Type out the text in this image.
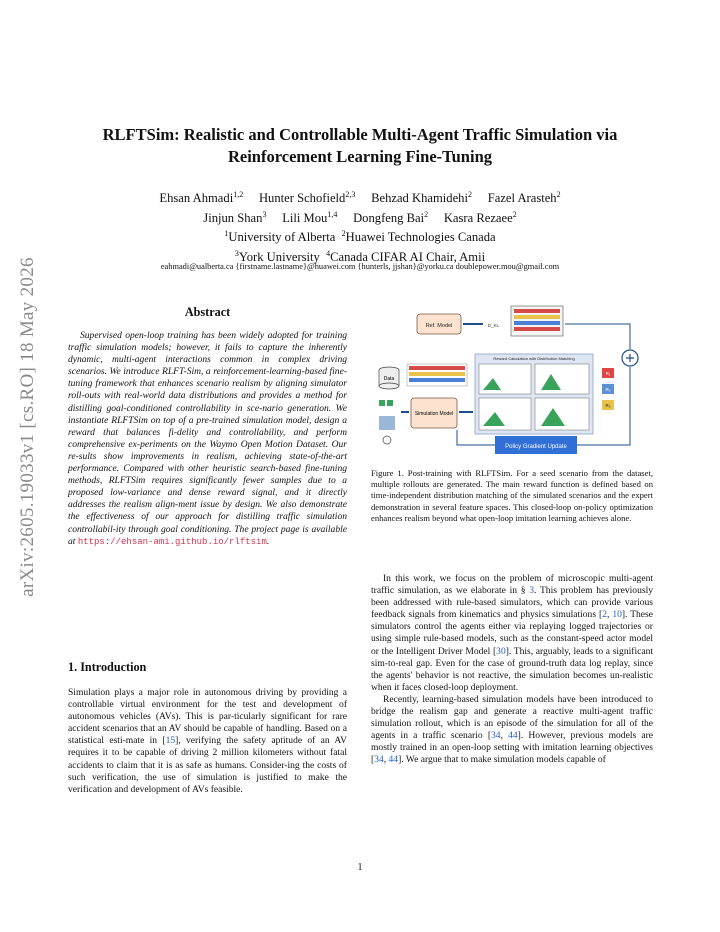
arXiv:2605.19033v1 [cs.RO] 18 May 2026
RLFTSim: Realistic and Controllable Multi-Agent Traffic Simulation via Reinforcement Learning Fine-Tuning
Ehsan Ahmadi$^{1,2}$ Hunter Schofield$^{2,3}$ Behzad Khamidehi$^2$ Fazel Arasteh$^2$
Jinjun Shan$^3$ Lili Mou$^{1,4}$ Dongfeng Bai$^2$ Kasra Rezaee$^2$
$^1$University of Alberta $^2$Huawei Technologies Canada
$^3$York University $^4$Canada CIFAR AI Chair, Amii
eahmadi@ualberta.ca {firstname.lastname}@huawei.com {hunterls, jjshan}@yorku.ca doublepower.mou@gmail.com
Abstract

Supervised open-loop training has been widely adopted for training traffic simulation models; however, it fails to capture the inherently dynamic, multi-agent interactions common in complex driving scenarios. We introduce RLFT-Sim, a reinforcement-learning-based fine-tuning framework that enhances scenario realism by aligning simulator roll-outs with real-world data distributions and provides a method for distilling goal-conditioned controllability in sce-nario generation. We instantiate RLFTSim on top of a pre-trained simulation model, design a reward that balances fi-delity and controllability, and perform comprehensive ex-periments on the Waymo Open Motion Dataset. Our re-sults show improvements in realism, achieving state-of-the-art performance. Compared with other heuristic search-based fine-tuning methods, RLFTSim requires significantly fewer samples due to a proposed low-variance and dense reward signal, and it directly addresses the realism align-ment issue by design. We also demonstrate the effectiveness of our approach for distilling traffic simulation controllabil-ity through goal conditioning. The project page is available at https://ehsan-ami.github.io/rlftsim.

1. Introduction

Simulation plays a major role in autonomous driving by providing a controllable virtual environment for the test and development of autonomous vehicles (AVs). This is par-ticularly significant for rare accident scenarios that an AV should be capable of handling. Based on a statistical esti-mate in [15], verifying the safety aptitude of an AV requires it to be capable of driving 2 million kilometers without fatal accidents to claim that it is as safe as humans. Consider-ing the costs of such verification, the use of simulation is justified to make the verification and development of AVs feasible.

Ref. Model	- D_KL
Reward Calculation with Distribution Matching
Data
Simulation Model
R₁
R₂
R₃
Policy Gradient Update
Figure 1. Post-training with RLFTSim. For a seed scenario from the dataset, multiple rollouts are generated. The main reward function is defined based on time-independent distribution matching of the simulated scenarios and the expert demonstration in several feature spaces. This closed-loop on-policy optimization enhances realism beyond what open-loop imitation learning achieves alone.

In this work, we focus on the problem of microscopic multi-agent traffic simulation, as we elaborate in § 3. This problem has previously been addressed with rule-based simulators, which can provide various feedback signals from kinematics and physics simulations [2, 10]. These simulators control the agents either via replaying logged trajectories or using simple rule-based models, such as the constant-speed actor model or the Intelligent Driver Model [30]. This, arguably, leads to a significant sim-to-real gap. Even for the case of ground-truth data log replay, since the agents' behavior is not reactive, the simulation becomes un-realistic when it faces closed-loop deployment.

Recently, learning-based simulation models have been introduced to bridge the realism gap and generate a reactive multi-agent traffic simulation rollout, which is an episode of the simulation for all of the agents in a traffic scenario [34, 44]. However, previous models are mostly trained in an open-loop setting with imitation learning objectives [34, 44]. We argue that to make simulation models capable of

1
